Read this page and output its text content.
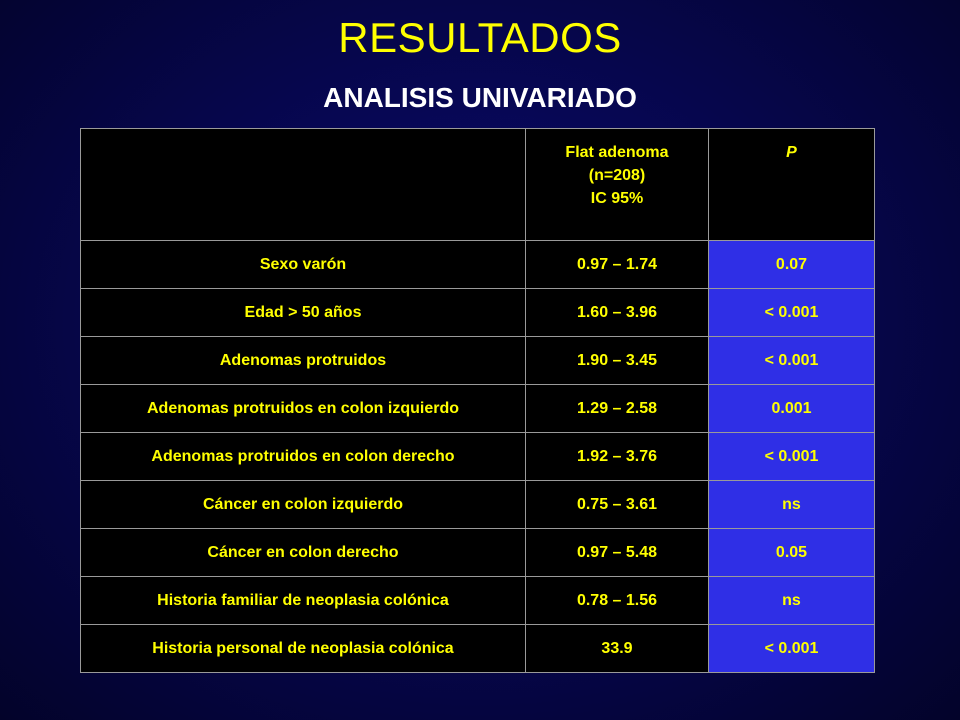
RESULTADOS
ANALISIS UNIVARIADO

	Flat adenoma
(n=208)
IC 95%	P
Sexo varón	0.97 – 1.74	0.07
Edad > 50 años	1.60 – 3.96	< 0.001
Adenomas protruidos	1.90 – 3.45	< 0.001
Adenomas protruidos en colon izquierdo	1.29 – 2.58	0.001
Adenomas protruidos en colon derecho	1.92 – 3.76	< 0.001
Cáncer en colon izquierdo	0.75 – 3.61	ns
Cáncer en colon derecho	0.97 – 5.48	0.05
Historia familiar de neoplasia colónica	0.78 – 1.56	ns
Historia personal de neoplasia colónica	33.9	< 0.001
